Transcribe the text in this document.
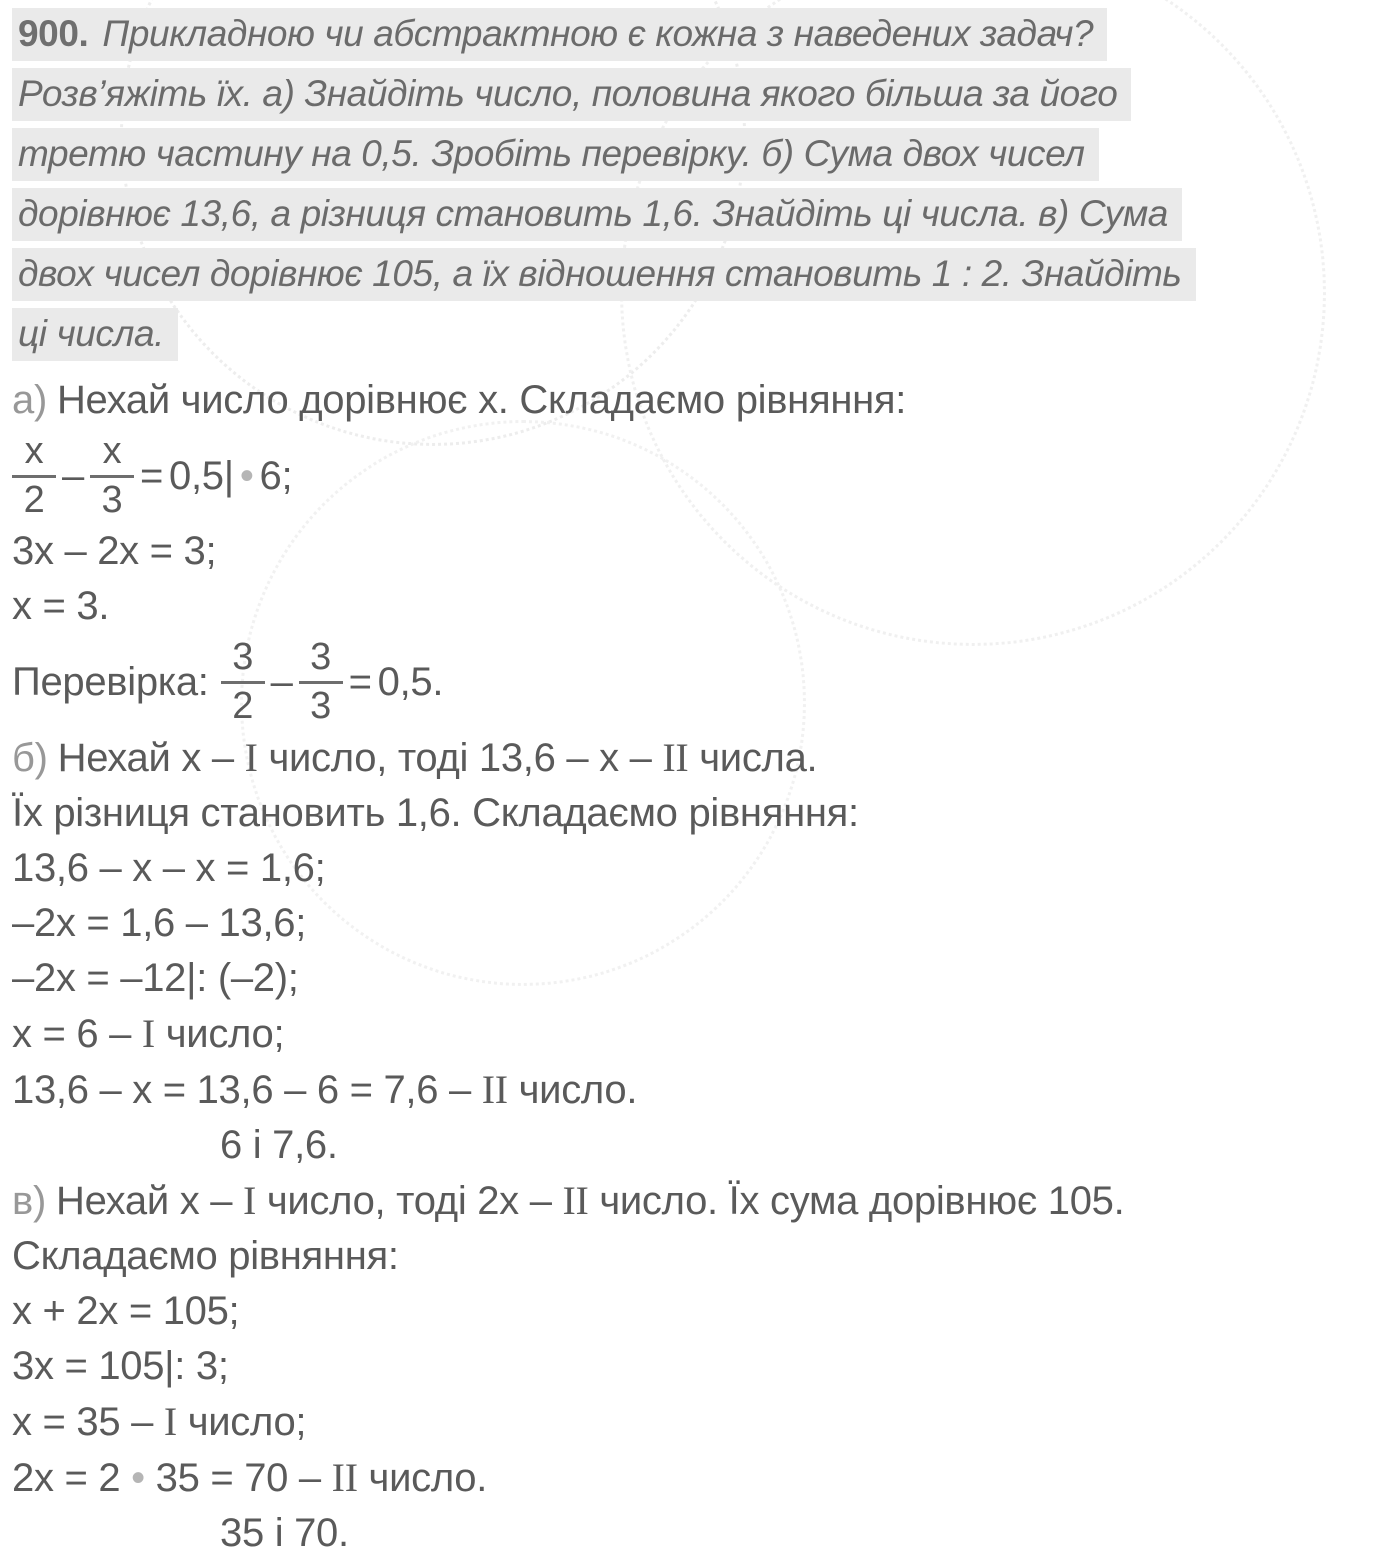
900. Прикладною чи абстрактною є кожна з наведених задач?
Розв’яжіть їх. а) Знайдіть число, половина якого більша за його
третю частину на 0,5. Зробіть перевірку. б) Сума двох чисел
дорівнює 13,6, а різниця становить 1,6. Знайдіть ці числа. в) Сума
двох чисел дорівнює 105, а їх відношення становить 1 : 2. Знайдіть
ці числа.
а) Нехай число дорівнює х. Складаємо рівняння:
$\frac{х}{2} - \frac{х}{3} = 0,5|$ • 6;
3х – 2х = 3;
х = 3.
Перевірка: $\frac{3}{2} - \frac{3}{3} = 0,5$.
б) Нехай х – I число, тоді 13,6 – х – II числа.
Їх різниця становить 1,6. Складаємо рівняння:
13,6 – х – х = 1,6;
–2х = 1,6 – 13,6;
–2х = –12|: (–2);
х = 6 – I число;
13,6 – х = 13,6 – 6 = 7,6 – II число.
6 і 7,6.
в) Нехай х – I число, тоді 2х – II число. Їх сума дорівнює 105.
Складаємо рівняння:
х + 2х = 105;
3х = 105|: 3;
х = 35 – I число;
2х = 2 • 35 = 70 – II число.
35 і 70.
